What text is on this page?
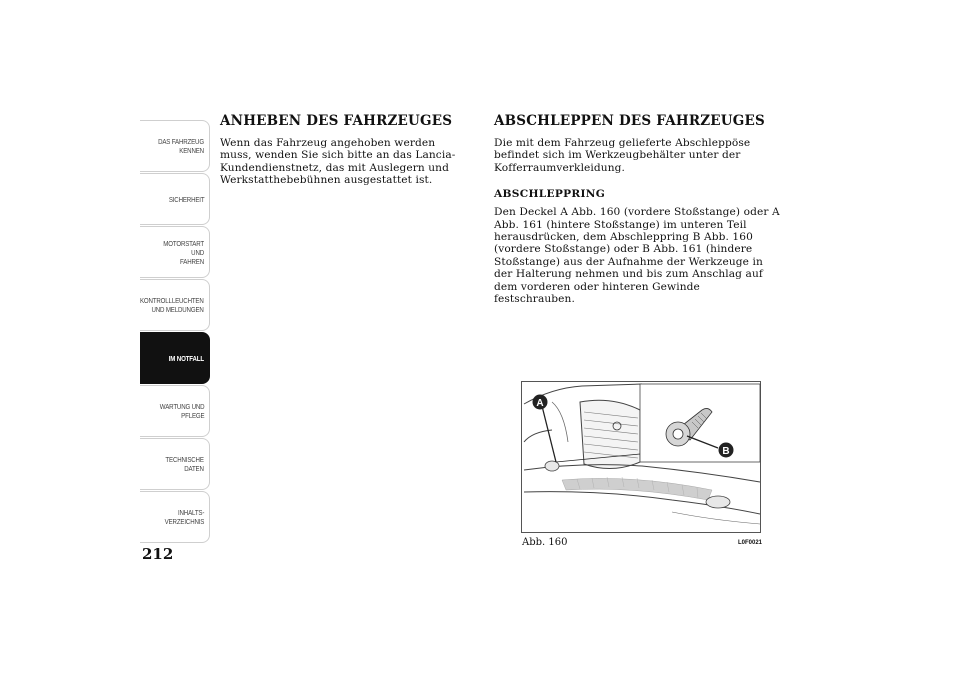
DAS FAHRZEUG
KENNEN
SICHERHEIT
MOTORSTART UND
FAHREN
KONTROLLLEUCHTEN
UND MELDUNGEN
IM NOTFALL
WARTUNG UND
PFLEGE
TECHNISCHE
DATEN
INHALTS-
VERZEICHNIS
212
ANHEBEN DES FAHRZEUGES

Wenn das Fahrzeug angehoben werden muss, wenden Sie sich bitte an das Lancia-Kundendienstnetz, das mit Auslegern und Werkstatthebebühnen ausgestattet ist.

ABSCHLEPPEN DES FAHRZEUGES

Die mit dem Fahrzeug gelieferte Abschleppöse befindet sich im Werkzeugbehälter unter der Kofferraumverkleidung.

ABSCHLEPPRING

Den Deckel A Abb. 160 (vordere Stoßstange) oder A Abb. 161 (hintere Stoßstange) im unteren Teil herausdrücken, dem Abschleppring B Abb. 160 (vordere Stoßstange) oder B Abb. 161 (hindere Stoßstange) aus der Aufnahme der Werkzeuge in der Halterung nehmen und bis zum Anschlag auf dem vorderen oder hinteren Gewinde festschrauben.

A
B
Abb. 160	L0F0021
